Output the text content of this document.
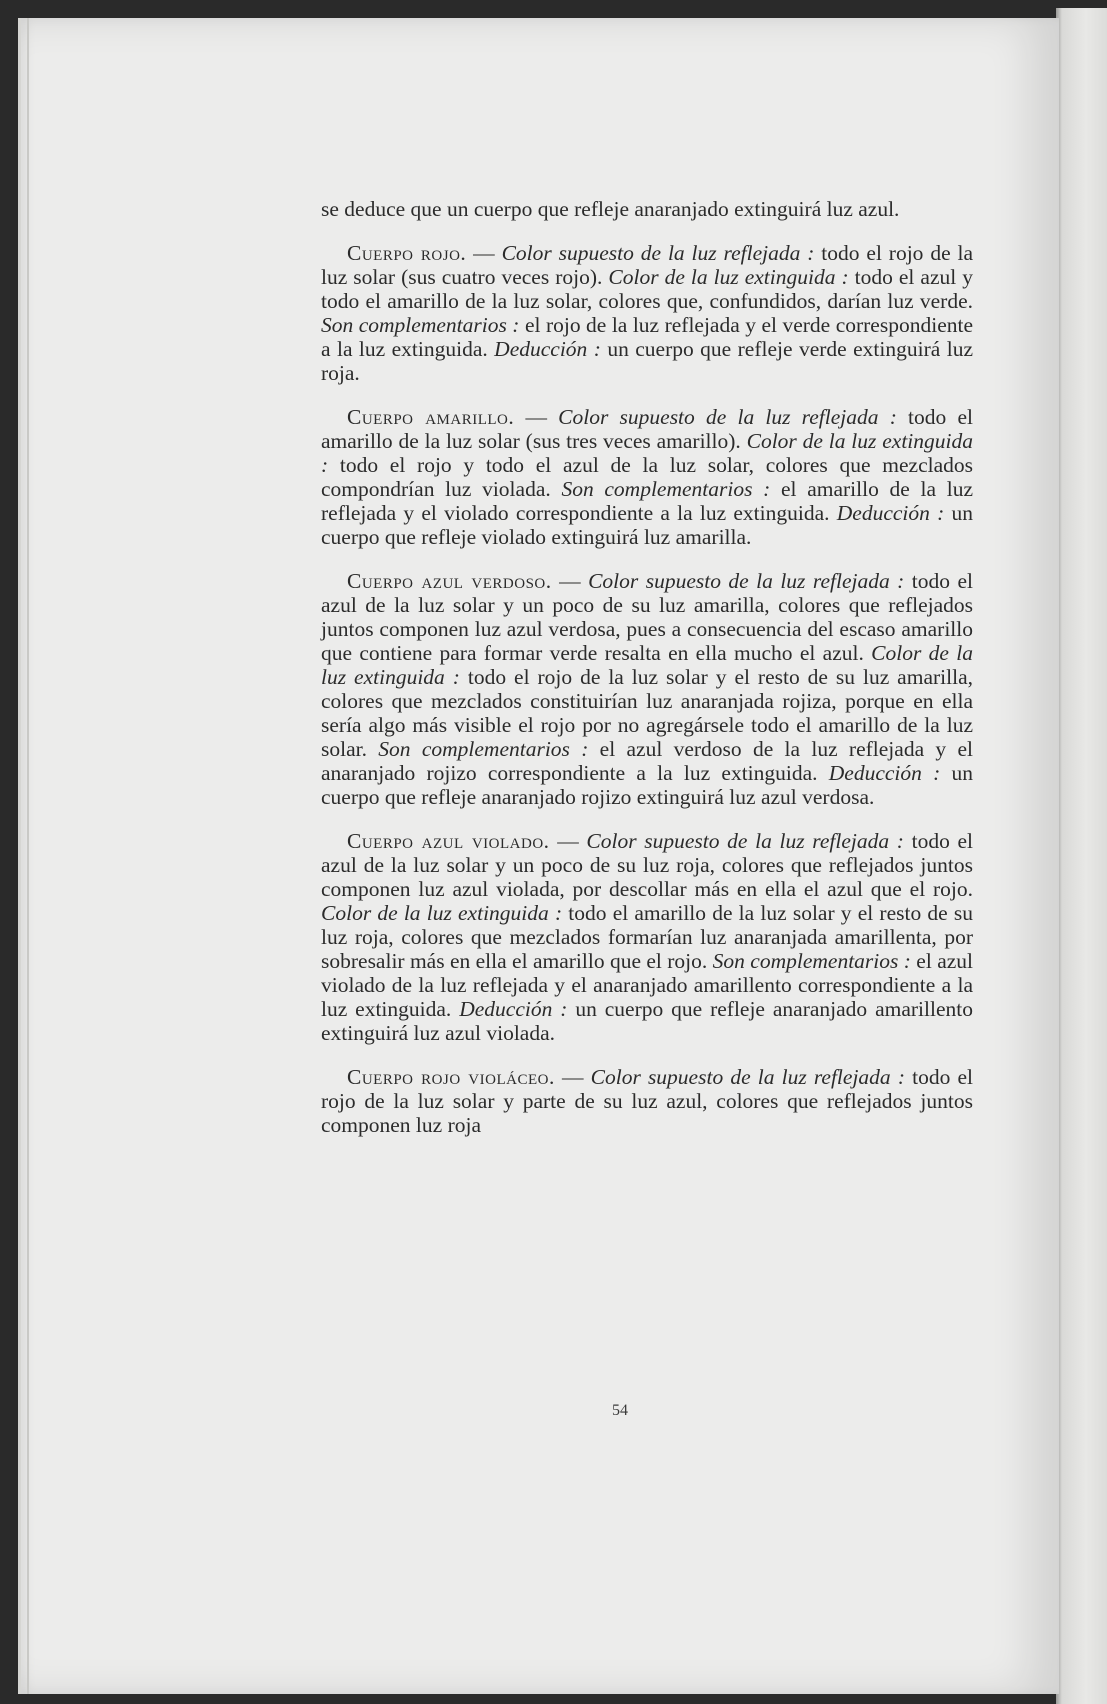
se deduce que un cuerpo que refleje anaranjado extinguirá luz azul.

Cuerpo rojo. — Color supuesto de la luz reflejada : todo el rojo de la luz solar (sus cuatro veces rojo). Color de la luz extinguida : todo el azul y todo el amarillo de la luz solar, colores que, confundidos, darían luz verde. Son complementarios : el rojo de la luz reflejada y el verde correspondiente a la luz extinguida. Deducción : un cuerpo que refleje verde extinguirá luz roja.

Cuerpo amarillo. — Color supuesto de la luz reflejada : todo el amarillo de la luz solar (sus tres veces amarillo). Color de la luz extinguida : todo el rojo y todo el azul de la luz solar, colores que mezclados compondrían luz violada. Son complementarios : el amarillo de la luz reflejada y el violado correspondiente a la luz extinguida. Deducción : un cuerpo que refleje violado extinguirá luz amarilla.

Cuerpo azul verdoso. — Color supuesto de la luz reflejada : todo el azul de la luz solar y un poco de su luz amarilla, colores que reflejados juntos componen luz azul verdosa, pues a consecuencia del escaso amarillo que contiene para formar verde resalta en ella mucho el azul. Color de la luz extinguida : todo el rojo de la luz solar y el resto de su luz amarilla, colores que mezclados constituirían luz anaranjada rojiza, porque en ella sería algo más visible el rojo por no agregársele todo el amarillo de la luz solar. Son complementarios : el azul verdoso de la luz reflejada y el anaranjado rojizo correspondiente a la luz extinguida. Deducción : un cuerpo que refleje anaranjado rojizo extinguirá luz azul verdosa.

Cuerpo azul violado. — Color supuesto de la luz reflejada : todo el azul de la luz solar y un poco de su luz roja, colores que reflejados juntos componen luz azul violada, por descollar más en ella el azul que el rojo. Color de la luz extinguida : todo el amarillo de la luz solar y el resto de su luz roja, colores que mezclados formarían luz anaranjada amarillenta, por sobresalir más en ella el amarillo que el rojo. Son complementarios : el azul violado de la luz reflejada y el anaranjado amarillento correspondiente a la luz extinguida. Deducción : un cuerpo que refleje anaranjado amarillento extinguirá luz azul violada.

Cuerpo rojo violáceo. — Color supuesto de la luz reflejada : todo el rojo de la luz solar y parte de su luz azul, colores que reflejados juntos componen luz roja

54
